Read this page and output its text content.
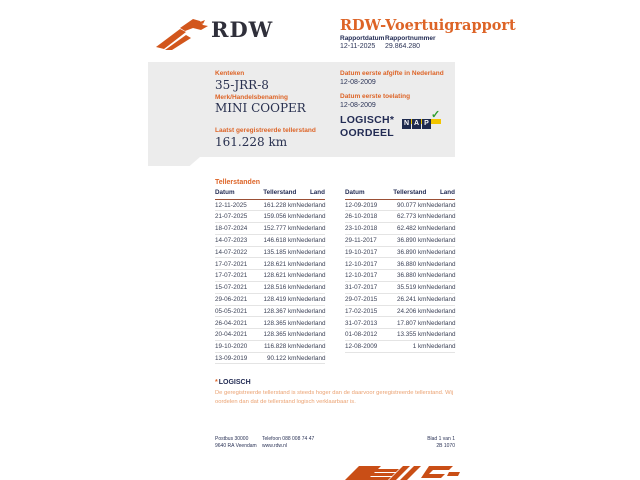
RDW	RDW-Voertuigrapport
Rapportdatum
12-11-2025
Rapportnummer
29.864.280
Kenteken
35-JRR-8
Merk/Handelsbenaming
MINI COOPER
Laatst geregistreerde tellerstand
161.228 km
Datum eerste afgifte in Nederland
12-08-2009
Datum eerste toelating
12-08-2009
LOGISCH*
OORDEEL
N A P
✓
Tellerstanden
Datum	Tellerstand	Land
12-11-2025	161.228 km Nederland
21-07-2025	159.056 km Nederland
18-07-2024	152.777 km Nederland
14-07-2023	146.618 km Nederland
14-07-2022	135.185 km Nederland
17-07-2021	128.621 km Nederland
17-07-2021	128.621 km Nederland
15-07-2021	128.516 km Nederland
29-06-2021	128.419 km Nederland
05-05-2021	128.367 km Nederland
26-04-2021	128.365 km Nederland
20-04-2021	128.365 km Nederland
19-10-2020	116.828 km Nederland
13-09-2019	90.122 km Nederland
Datum	Tellerstand	Land
12-09-2019	90.077 km Nederland
26-10-2018	62.773 km Nederland
23-10-2018	62.482 km Nederland
29-11-2017	36.890 km Nederland
19-10-2017	36.890 km Nederland
12-10-2017	36.880 km Nederland
12-10-2017	36.880 km Nederland
31-07-2017	35.519 km Nederland
29-07-2015	26.241 km Nederland
17-02-2015	24.206 km Nederland
31-07-2013	17.807 km Nederland
01-08-2012	13.355 km Nederland
12-08-2009	1 km Nederland
*LOGISCH
De geregistreerde tellerstand is steeds hoger dan de daarvoor geregistreerde tellerstand. Wij oordelen dan dat de tellerstand logisch verklaarbaar is.
Postbus 30000
9640 RA Veendam
Telefoon 088 008 74 47
www.rdw.nl
Blad 1 van 1
2B 1070
